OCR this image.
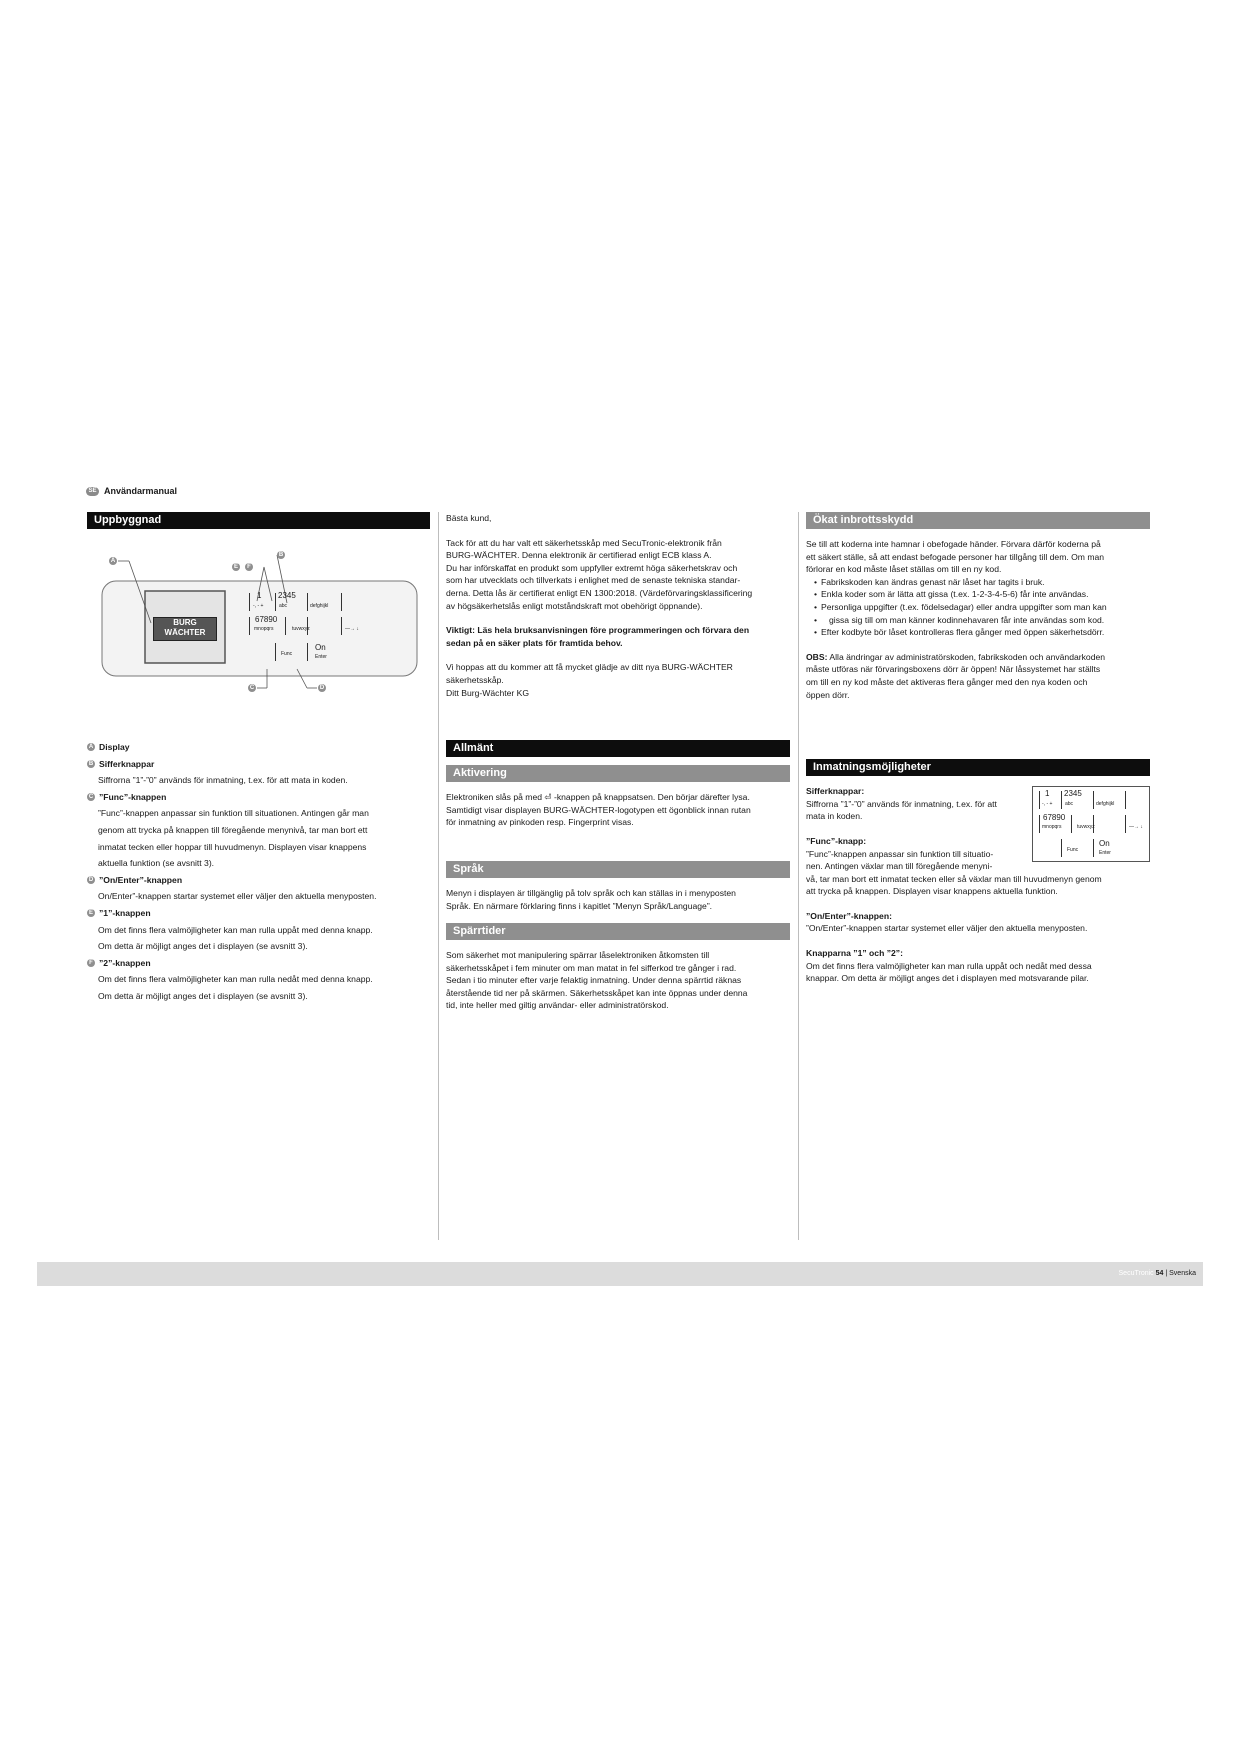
SE Användarmanual
Uppbyggnad
A
B
E	F
C	D
BURG
WÄCHTER
1
-, - +
2345
abc	defghijkl
67890
mnopqrs	tuvwxyz	—→ ↓
Func
On
Enter
A Display
B Sifferknappar
Siffrorna ”1”-”0” används för inmatning, t.ex. för att mata in koden.
C ”Func”-knappen
”Func”-knappen anpassar sin funktion till situationen. Antingen går man
genom att trycka på knappen till föregående menynivå, tar man bort ett
inmatat tecken eller hoppar till huvudmenyn. Displayen visar knappens
aktuella funktion (se avsnitt 3).
D ”On/Enter”-knappen
On/Enter”-knappen startar systemet eller väljer den aktuella menyposten.
E ”1”-knappen
Om det finns flera valmöjligheter kan man rulla uppåt med denna knapp.
Om detta är möjligt anges det i displayen (se avsnitt 3).
F ”2”-knappen
Om det finns flera valmöjligheter kan man rulla nedåt med denna knapp.
Om detta är möjligt anges det i displayen (se avsnitt 3).

Bästa kund,

Tack för att du har valt ett säkerhetsskåp med SecuTronic-elektronik från

BURG-WÄCHTER. Denna elektronik är certifierad enligt ECB klass A.

Du har införskaffat en produkt som uppfyller extremt höga säkerhetskrav och

som har utvecklats och tillverkats i enlighet med de senaste tekniska standar-

derna. Detta lås är certifierat enligt EN 1300:2018. (Värdeförvaringsklassificering

av högsäkerhetslås enligt motståndskraft mot obehörigt öppnande).

Viktigt: Läs hela bruksanvisningen före programmeringen och förvara den

sedan på en säker plats för framtida behov.

Vi hoppas att du kommer att få mycket glädje av ditt nya BURG-WÄCHTER

säkerhetsskåp.

Ditt Burg-Wächter KG

Allmänt
Aktivering

Elektroniken slås på med ⏎ -knappen på knappsatsen. Den börjar därefter lysa.

Samtidigt visar displayen BURG-WÄCHTER-logotypen ett ögonblick innan rutan

för inmatning av pinkoden resp. Fingerprint visas.

Språk

Menyn i displayen är tillgänglig på tolv språk och kan ställas in i menyposten

Språk. En närmare förklaring finns i kapitlet ”Menyn Språk/Language”.

Spärrtider

Som säkerhet mot manipulering spärrar låselektroniken åtkomsten till

säkerhetsskåpet i fem minuter om man matat in fel sifferkod tre gånger i rad.

Sedan i tio minuter efter varje felaktig inmatning. Under denna spärrtid räknas

återstående tid ner på skärmen. Säkerhetsskåpet kan inte öppnas under denna

tid, inte heller med giltig användar- eller administratörskod.

Ökat inbrottsskydd

Se till att koderna inte hamnar i obefogade händer. Förvara därför koderna på

ett säkert ställe, så att endast befogade personer har tillgång till dem. Om man

förlorar en kod måste låset ställas om till en ny kod.

• Fabrikskoden kan ändras genast när låset har tagits i bruk.
• Enkla koder som är lätta att gissa (t.ex. 1-2-3-4-5-6) får inte användas.
• Personliga uppgifter (t.ex. födelsedagar) eller andra uppgifter som man kan
• gissa sig till om man känner kodinnehavaren får inte användas som kod.
• Efter kodbyte bör låset kontrolleras flera gånger med öppen säkerhetsdörr.

OBS: Alla ändringar av administratörskoden, fabrikskoden och användarkoden

måste utföras när förvaringsboxens dörr är öppen! När låssystemet har ställts

om till en ny kod måste det aktiveras flera gånger med den nya koden och

öppen dörr.

Inmatningsmöjligheter
1
-, - +
2345
abc	defghijkl
67890
mnopqrs	tuvwxyz	—→ ↓
Func
On
Enter

Sifferknappar:

Siffrorna ”1”-”0” används för inmatning, t.ex. för att

mata in koden.

”Func”-knapp:

”Func”-knappen anpassar sin funktion till situatio-

nen. Antingen växlar man till föregående menyni-

vå, tar man bort ett inmatat tecken eller så växlar man till huvudmenyn genom

att trycka på knappen. Displayen visar knappens aktuella funktion.

”On/Enter”-knappen:

”On/Enter”-knappen startar systemet eller väljer den aktuella menyposten.

Knapparna ”1” och ”2”:

Om det finns flera valmöjligheter kan man rulla uppåt och nedåt med dessa

knappar. Om detta är möjligt anges det i displayen med motsvarande pilar.

SecuTronic 54 | Svenska
